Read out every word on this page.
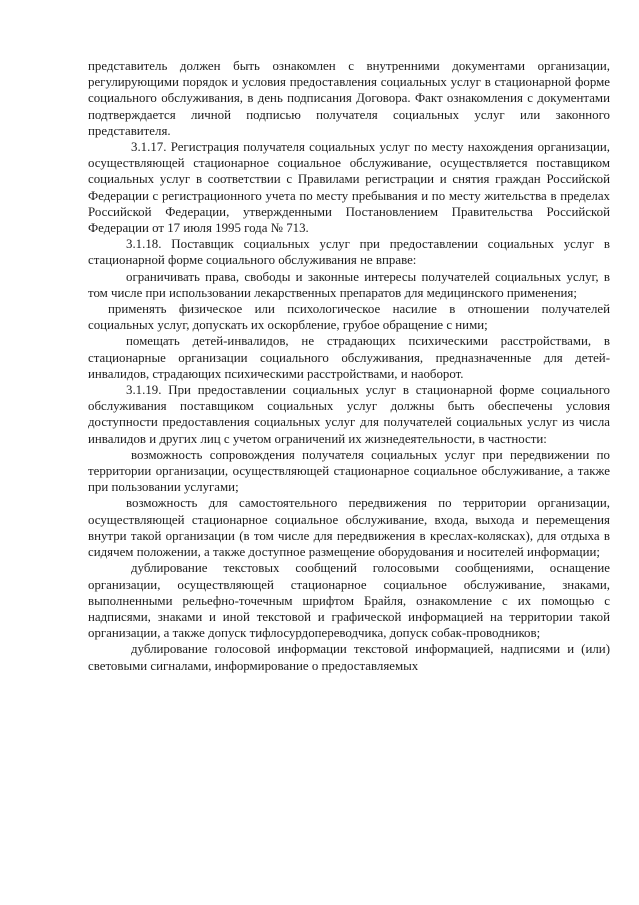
представитель должен быть ознакомлен с внутренними документами организации, регулирующими порядок и условия предоставления социальных услуг в стационарной форме социального обслуживания, в день подписания Договора. Факт ознакомления с документами подтверждается личной подписью получателя социальных услуг или законного представителя.

3.1.17. Регистрация получателя социальных услуг по месту нахождения организации, осуществляющей стационарное социальное обслуживание, осуществляется поставщиком социальных услуг в соответствии с Правилами регистрации и снятия граждан Российской Федерации с регистрационного учета по месту пребывания и по месту жительства в пределах Российской Федерации, утвержденными Постановлением Правительства Российской Федерации от 17 июля 1995 года № 713.

3.1.18. Поставщик социальных услуг при предоставлении социальных услуг в стационарной форме социального обслуживания не вправе:

ограничивать права, свободы и законные интересы получателей социальных услуг, в том числе при использовании лекарственных препаратов для медицинского применения;

применять физическое или психологическое насилие в отношении получателей социальных услуг, допускать их оскорбление, грубое обращение с ними;

помещать детей-инвалидов, не страдающих психическими расстройствами, в стационарные организации социального обслуживания, предназначенные для детей-инвалидов, страдающих психическими расстройствами, и наоборот.

3.1.19. При предоставлении социальных услуг в стационарной форме социального обслуживания поставщиком социальных услуг должны быть обеспечены условия доступности предоставления социальных услуг для получателей социальных услуг из числа инвалидов и других лиц с учетом ограничений их жизнедеятельности, в частности:

возможность сопровождения получателя социальных услуг при передвижении по территории организации, осуществляющей стационарное социальное обслуживание, а также при пользовании услугами;

возможность для самостоятельного передвижения по территории организации, осуществляющей стационарное социальное обслуживание, входа, выхода и перемещения внутри такой организации (в том числе для передвижения в креслах-колясках), для отдыха в сидячем положении, а также доступное размещение оборудования и носителей информации;

дублирование текстовых сообщений голосовыми сообщениями, оснащение организации, осуществляющей стационарное социальное обслуживание, знаками, выполненными рельефно-точечным шрифтом Брайля, ознакомление с их помощью с надписями, знаками и иной текстовой и графической информацией на территории такой организации, а также допуск тифлосурдопереводчика, допуск собак-проводников;

дублирование голосовой информации текстовой информацией, надписями и (или) световыми сигналами, информирование о предоставляемых
